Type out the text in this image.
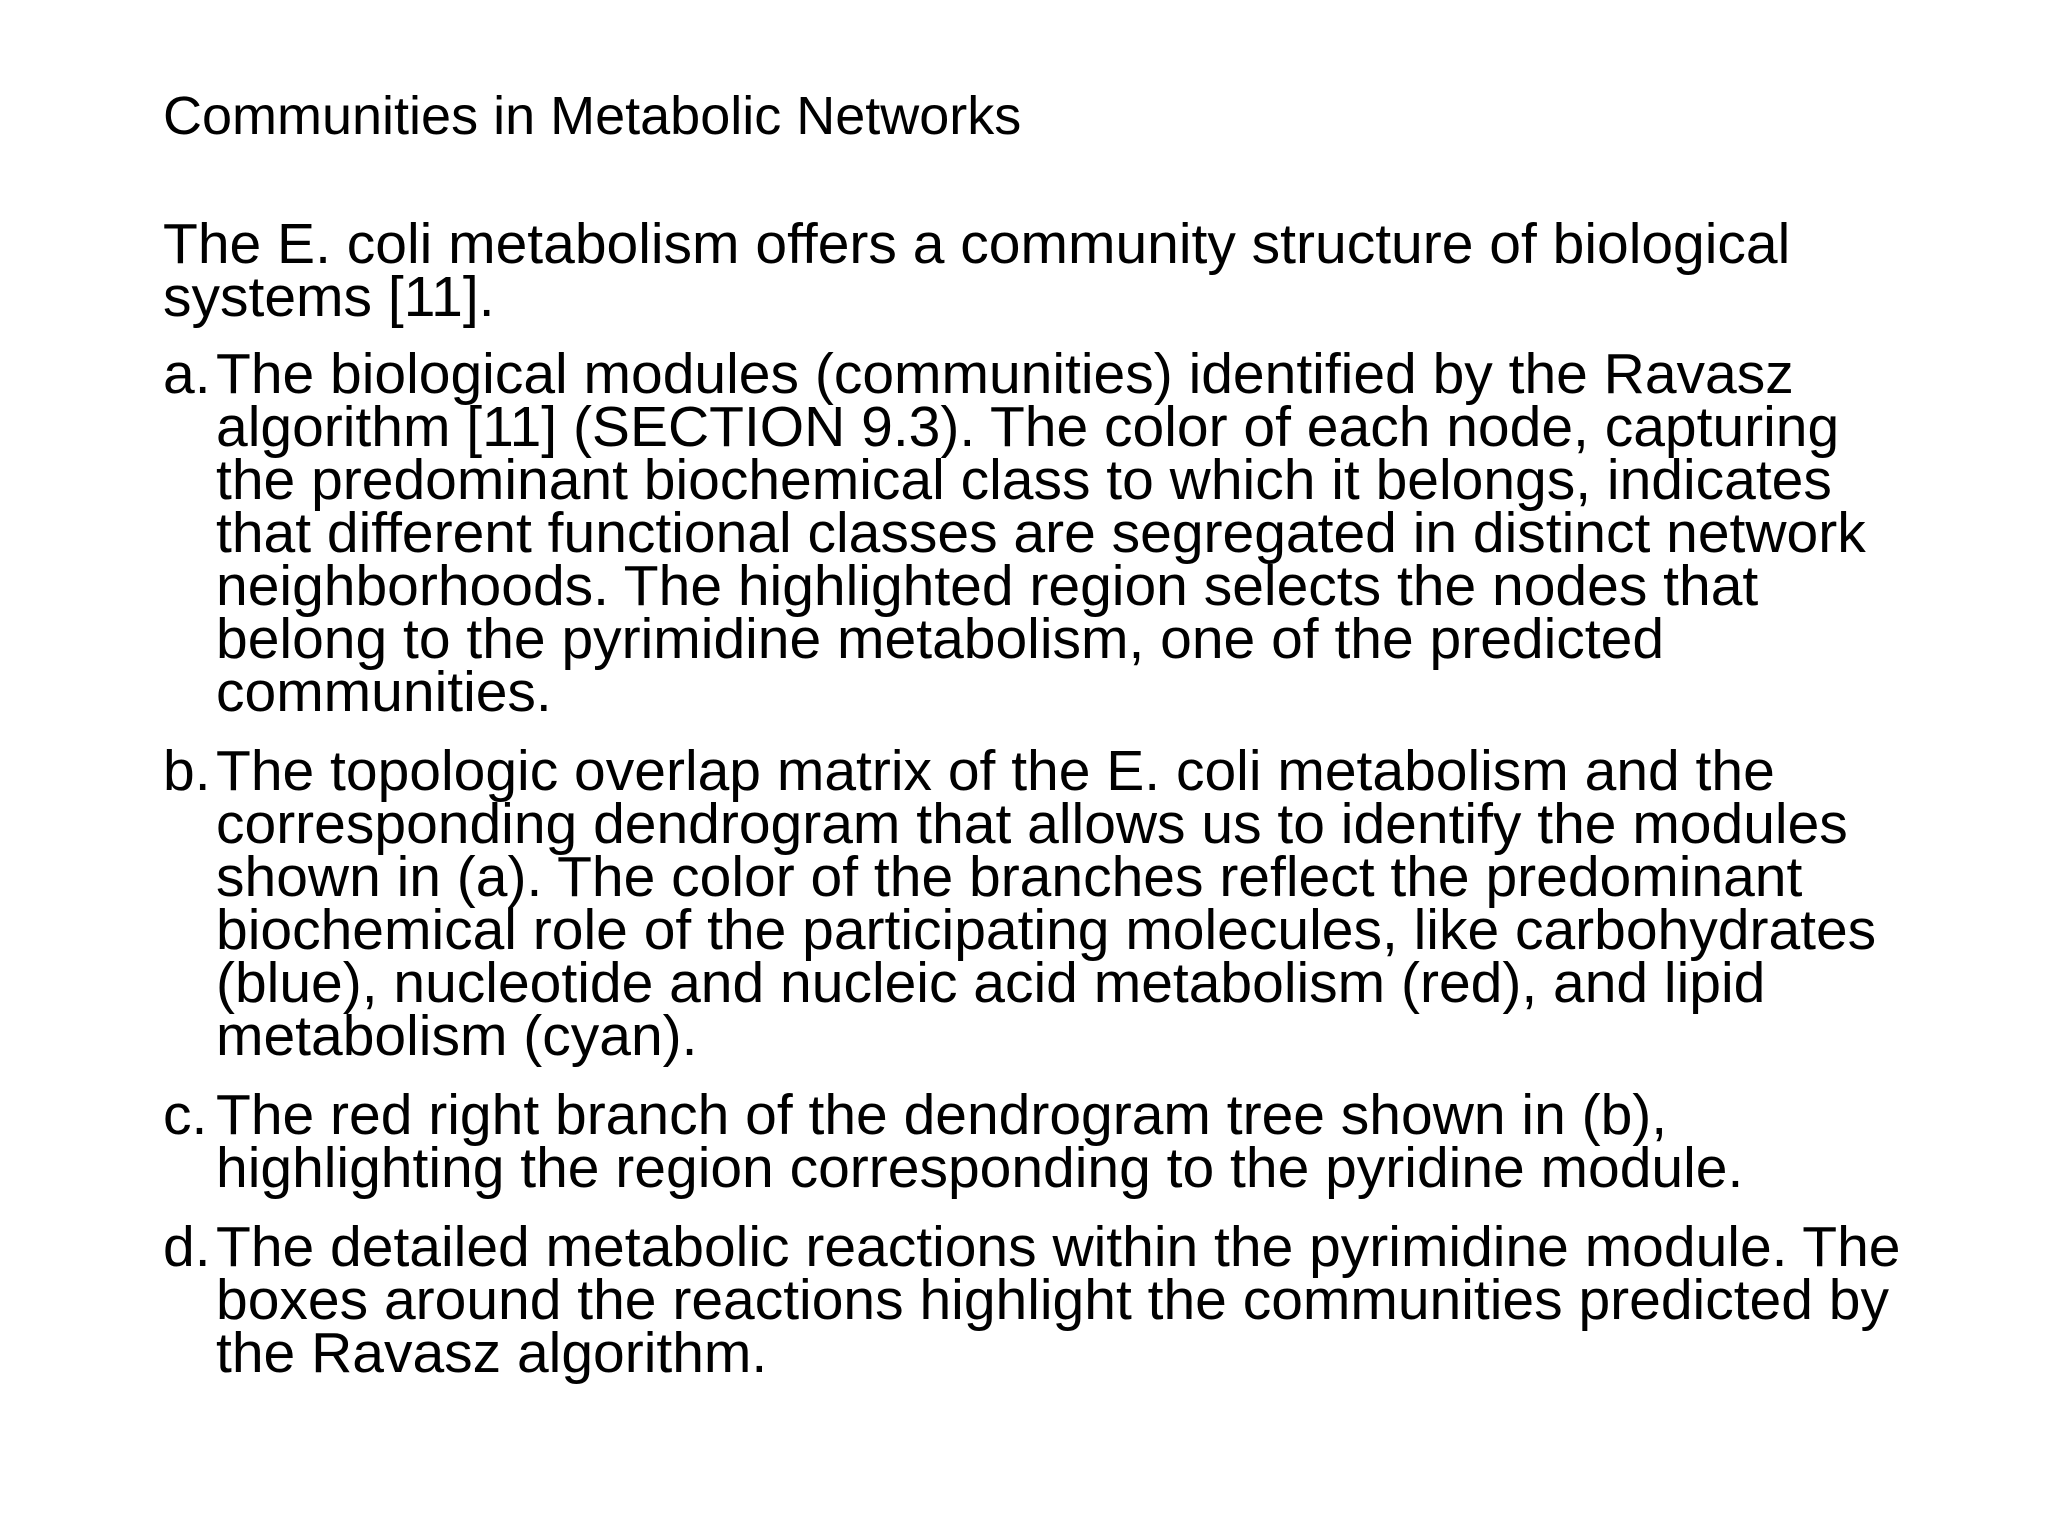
Communities in Metabolic Networks

The E. coli metabolism offers a community structure of biological systems [11].

a. The biological modules (communities) identified by the Ravasz algorithm [11] (SECTION 9.3). The color of each node, capturing the predominant biochemical class to which it belongs, indicates that different functional classes are segregated in distinct network neighborhoods. The highlighted region selects the nodes that belong to the pyrimidine metabolism, one of the predicted communities.
b. The topologic overlap matrix of the E. coli metabolism and the corresponding dendrogram that allows us to identify the modules shown in (a). The color of the branches reflect the predominant biochemical role of the participating molecules, like carbohydrates (blue), nucleotide and nucleic acid metabolism (red), and lipid metabolism (cyan).
c. The red right branch of the dendrogram tree shown in (b), highlighting the region corresponding to the pyridine module.
d. The detailed metabolic reactions within the pyrimidine module. The boxes around the reactions highlight the communities predicted by the Ravasz algorithm.
